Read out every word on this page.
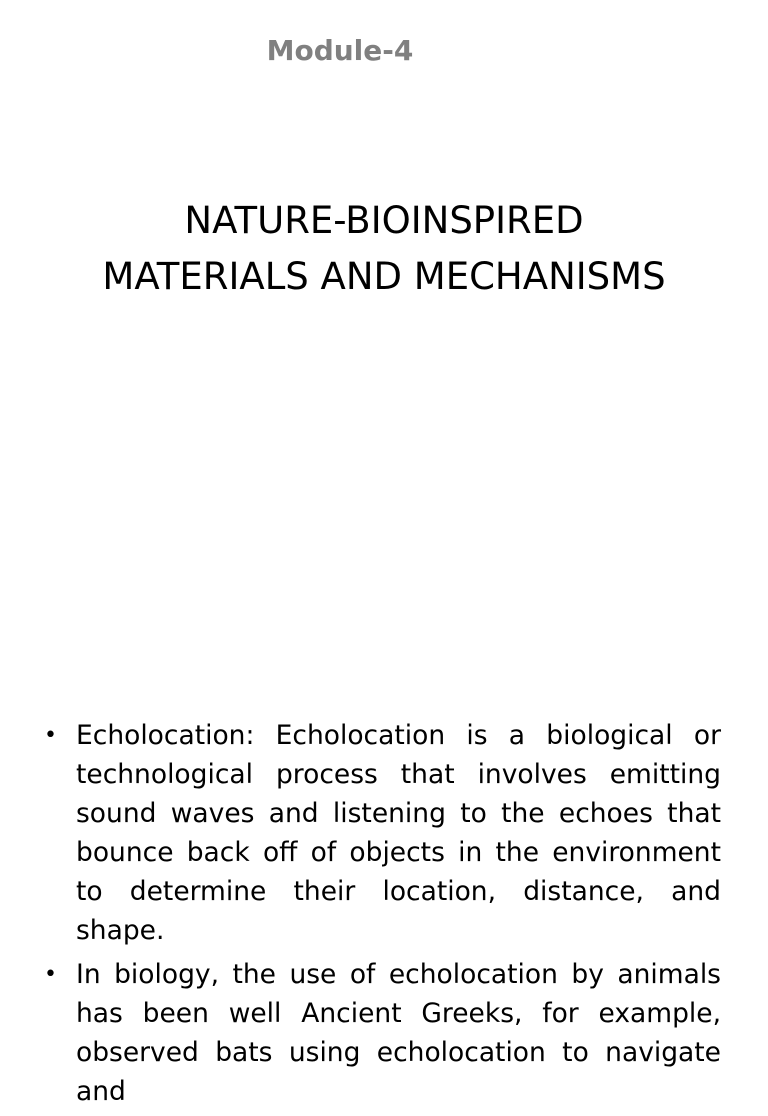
Module-4
NATURE-BIOINSPIRED
MATERIALS AND MECHANISMS
• Echolocation: Echolocation is a biological or technological process that involves emitting sound waves and listening to the echoes that bounce back off of objects in the environment to determine their location, distance, and shape.
• In biology, the use of echolocation by animals has been well Ancient Greeks, for example, observed bats using echolocation to navigate and
